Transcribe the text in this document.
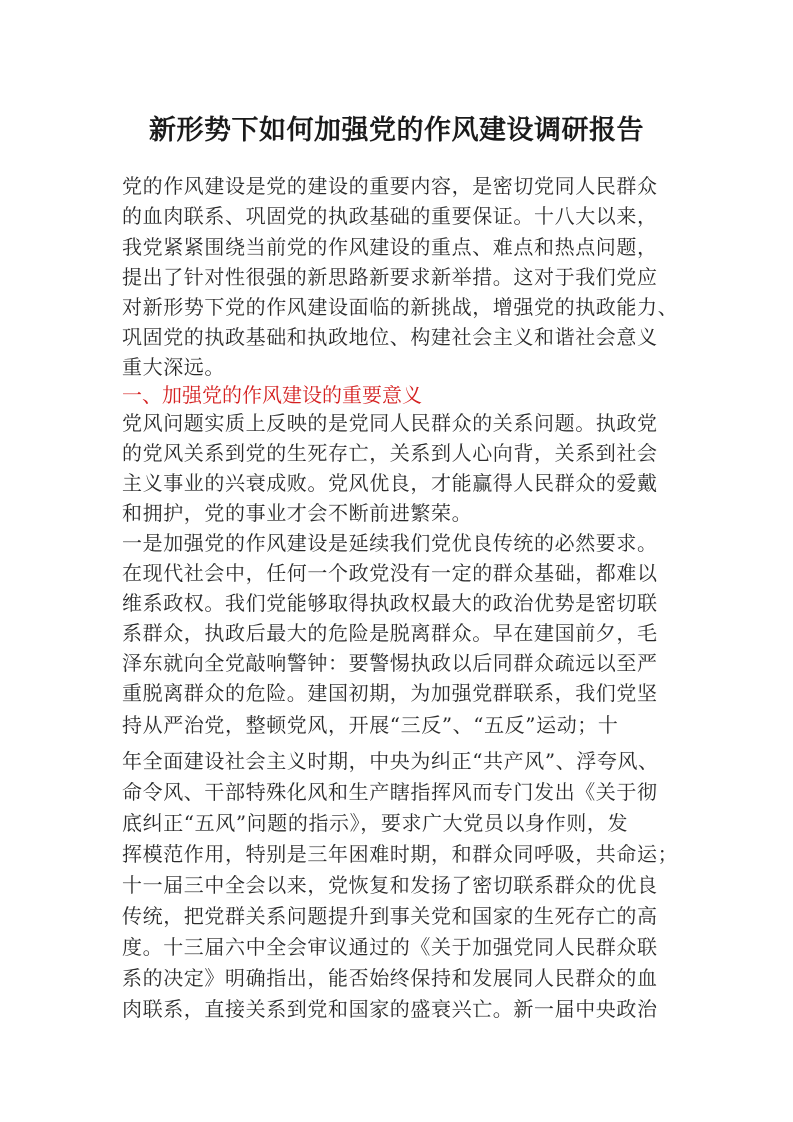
新形势下如何加强党的作风建设调研报告
党的作风建设是党的建设的重要内容，是密切党同人民群众
的血肉联系、巩固党的执政基础的重要保证。十八大以来，
我党紧紧围绕当前党的作风建设的重点、难点和热点问题，
提出了针对性很强的新思路新要求新举措。这对于我们党应
对新形势下党的作风建设面临的新挑战，增强党的执政能力、
巩固党的执政基础和执政地位、构建社会主义和谐社会意义
重大深远。
一、加强党的作风建设的重要意义
党风问题实质上反映的是党同人民群众的关系问题。执政党
的党风关系到党的生死存亡，关系到人心向背，关系到社会
主义事业的兴衰成败。党风优良，才能赢得人民群众的爱戴
和拥护，党的事业才会不断前进繁荣。
一是加强党的作风建设是延续我们党优良传统的必然要求。
在现代社会中，任何一个政党没有一定的群众基础，都难以
维系政权。我们党能够取得执政权最大的政治优势是密切联
系群众，执政后最大的危险是脱离群众。早在建国前夕，毛
泽东就向全党敲响警钟：要警惕执政以后同群众疏远以至严
重脱离群众的危险。建国初期，为加强党群联系，我们党坚
持从严治党，整顿党风，开展“三反”、“五反”运动；十
年全面建设社会主义时期，中央为纠正“共产风”、浮夸风、
命令风、干部特殊化风和生产瞎指挥风而专门发出《关于彻
底纠正“五风”问题的指示》，要求广大党员以身作则，发
挥模范作用，特别是三年困难时期，和群众同呼吸，共命运；
十一届三中全会以来，党恢复和发扬了密切联系群众的优良
传统，把党群关系问题提升到事关党和国家的生死存亡的高
度。十三届六中全会审议通过的《关于加强党同人民群众联
系的决定》明确指出，能否始终保持和发展同人民群众的血
肉联系，直接关系到党和国家的盛衰兴亡。新一届中央政治
